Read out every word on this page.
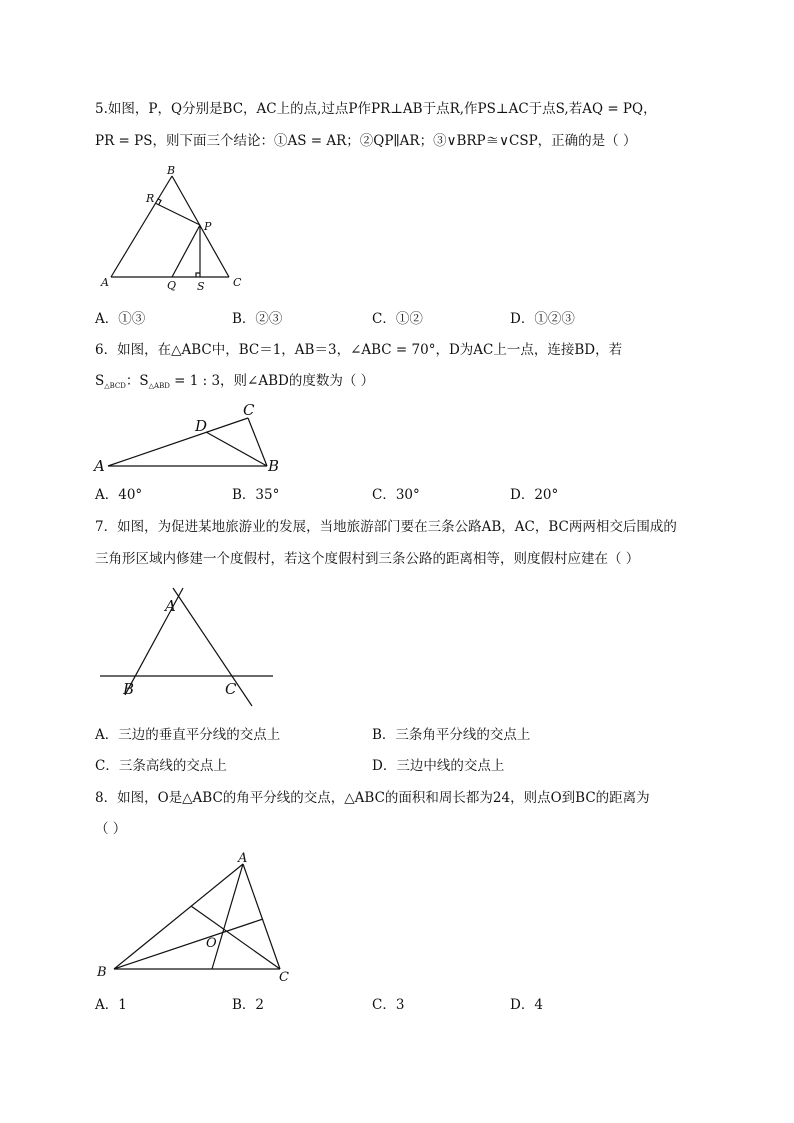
5.如图，P，Q分别是BC，AC上的点,过点P作PR⊥AB于点R,作PS⊥AC于点S,若AQ = PQ，
PR = PS，则下面三个结论：①AS = AR；②QP∥AR；③∨BRP≅∨CSP，正确的是（ ）
B
R
P
A	Q S	C
A．①③	B．②③	C．①②	D．①②③
6．如图，在△ABC中，BC＝1，AB＝3，∠ABC = 70°，D为AC上一点，连接BD，若
$S_{\triangle BCD}$：$S_{\triangle ABD} = 1$ : 3，则∠ABD的度数为（ ）
C
D
A	B
A．40°	B．35°	C．30°	D．20°
7．如图，为促进某地旅游业的发展，当地旅游部门要在三条公路AB，AC，BC两两相交后围成的
三角形区域内修建一个度假村，若这个度假村到三条公路的距离相等，则度假村应建在（ ）
A
B	C
A．三边的垂直平分线的交点上	B．三条角平分线的交点上
C．三条高线的交点上	D．三边中线的交点上
8．如图，O是△ABC的角平分线的交点，△ABC的面积和周长都为24，则点O到BC的距离为
（ ）
A
B	C
O
A．1	B．2	C．3	D．4
